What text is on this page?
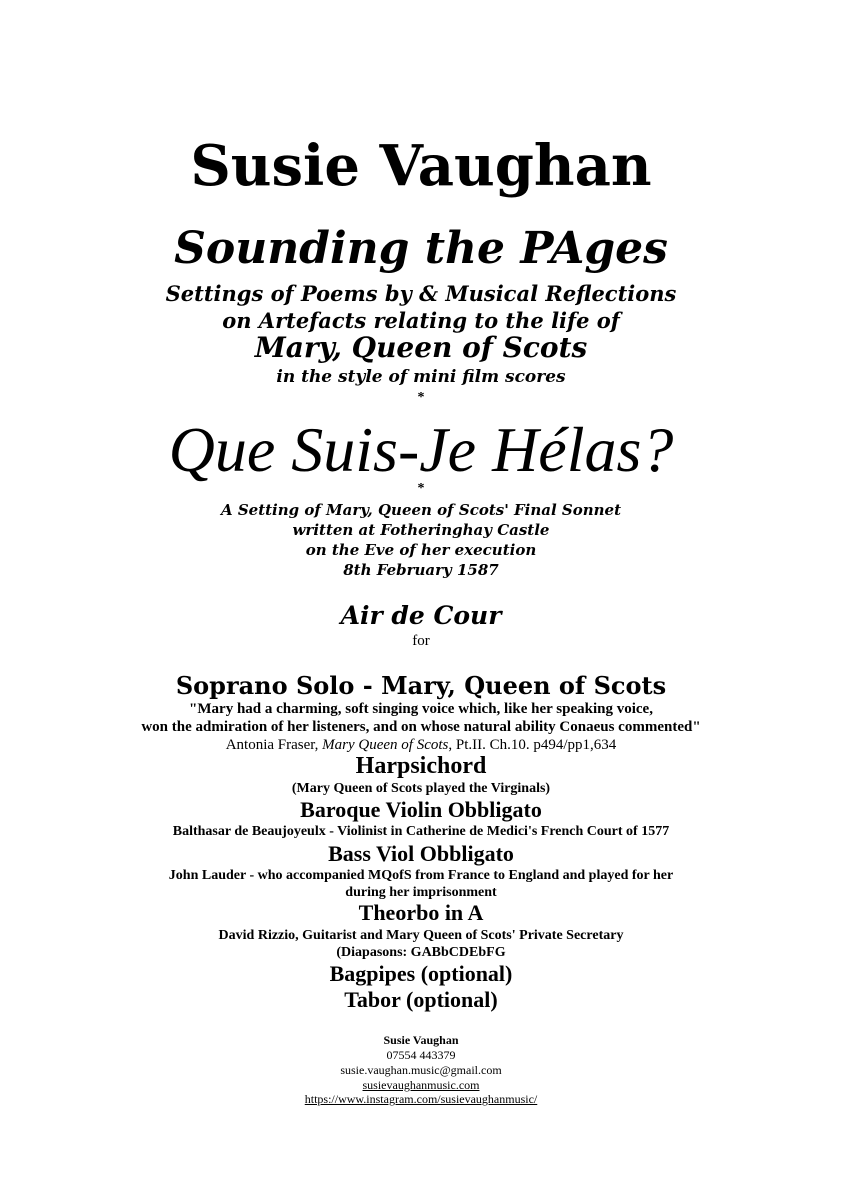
Susie Vaughan
Sounding the PAges
Settings of Poems by & Musical Reflections
on Artefacts relating to the life of
Mary, Queen of Scots
in the style of mini film scores
*
Que Suis-Je Hélas?
*
A Setting of Mary, Queen of Scots' Final Sonnet
written at Fotheringhay Castle
on the Eve of her execution
8th February 1587
Air de Cour
for
Soprano Solo - Mary, Queen of Scots
"Mary had a charming, soft singing voice which, like her speaking voice,
won the admiration of her listeners, and on whose natural ability Conaeus commented"
Antonia Fraser, Mary Queen of Scots, Pt.II. Ch.10. p494/pp1,634
Harpsichord
(Mary Queen of Scots played the Virginals)
Baroque Violin Obbligato
Balthasar de Beaujoyeulx - Violinist in Catherine de Medici's French Court of 1577
Bass Viol Obbligato
John Lauder - who accompanied MQofS from France to England and played for her
during her imprisonment
Theorbo in A
David Rizzio, Guitarist and Mary Queen of Scots' Private Secretary
(Diapasons: GABbCDEbFG
Bagpipes (optional)
Tabor (optional)
Susie Vaughan
07554 443379
susie.vaughan.music@gmail.com
susievaughanmusic.com
https://www.instagram.com/susievaughanmusic/
